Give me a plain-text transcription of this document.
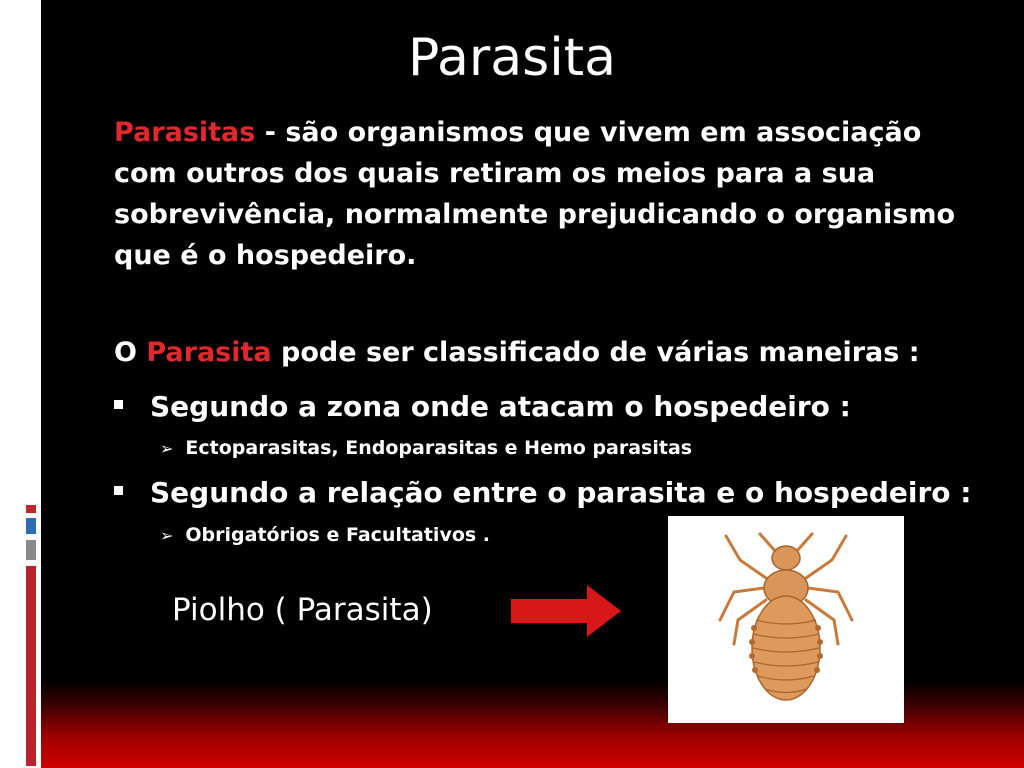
Parasita
Parasitas - são organismos que vivem em associação com outros dos quais retiram os meios para a sua sobrevivência, normalmente prejudicando o organismo que é o hospedeiro.
O Parasita pode ser classificado de várias maneiras :
Segundo a zona onde atacam o hospedeiro :
➢ Ectoparasitas, Endoparasitas e Hemo parasitas
Segundo a relação entre o parasita e o hospedeiro :
➢ Obrigatórios e Facultativos .
Piolho ( Parasita)
